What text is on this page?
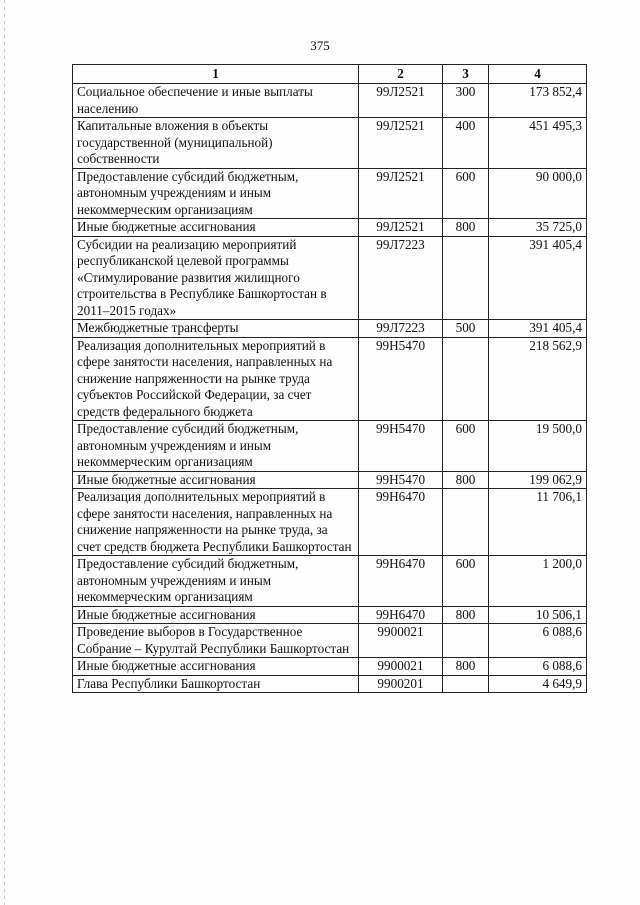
375
1	2	3	4
Социальное обеспечение и иные выплаты населению	99Л2521	300	173 852,4
Капитальные вложения в объекты государственной (муниципальной) собственности	99Л2521	400	451 495,3
Предоставление субсидий бюджетным, автономным учреждениям и иным некоммерческим организациям	99Л2521	600	90 000,0
Иные бюджетные ассигнования	99Л2521	800	35 725,0
Субсидии на реализацию мероприятий республиканской целевой программы «Стимулирование развития жилищного строительства в Республике Башкортостан в 2011–2015 годах»	99Л7223		391 405,4
Межбюджетные трансферты	99Л7223	500	391 405,4
Реализация дополнительных мероприятий в сфере занятости населения, направленных на снижение напряженности на рынке труда субъектов Российской Федерации, за счет средств федерального бюджета	99Н5470		218 562,9
Предоставление субсидий бюджетным, автономным учреждениям и иным некоммерческим организациям	99Н5470	600	19 500,0
Иные бюджетные ассигнования	99Н5470	800	199 062,9
Реализация дополнительных мероприятий в сфере занятости населения, направленных на снижение напряженности на рынке труда, за счет средств бюджета Республики Башкортостан	99Н6470		11 706,1
Предоставление субсидий бюджетным, автономным учреждениям и иным некоммерческим организациям	99Н6470	600	1 200,0
Иные бюджетные ассигнования	99Н6470	800	10 506,1
Проведение выборов в Государственное Собрание – Курултай Республики Башкортостан	9900021		6 088,6
Иные бюджетные ассигнования	9900021	800	6 088,6
Глава Республики Башкортостан	9900201		4 649,9
